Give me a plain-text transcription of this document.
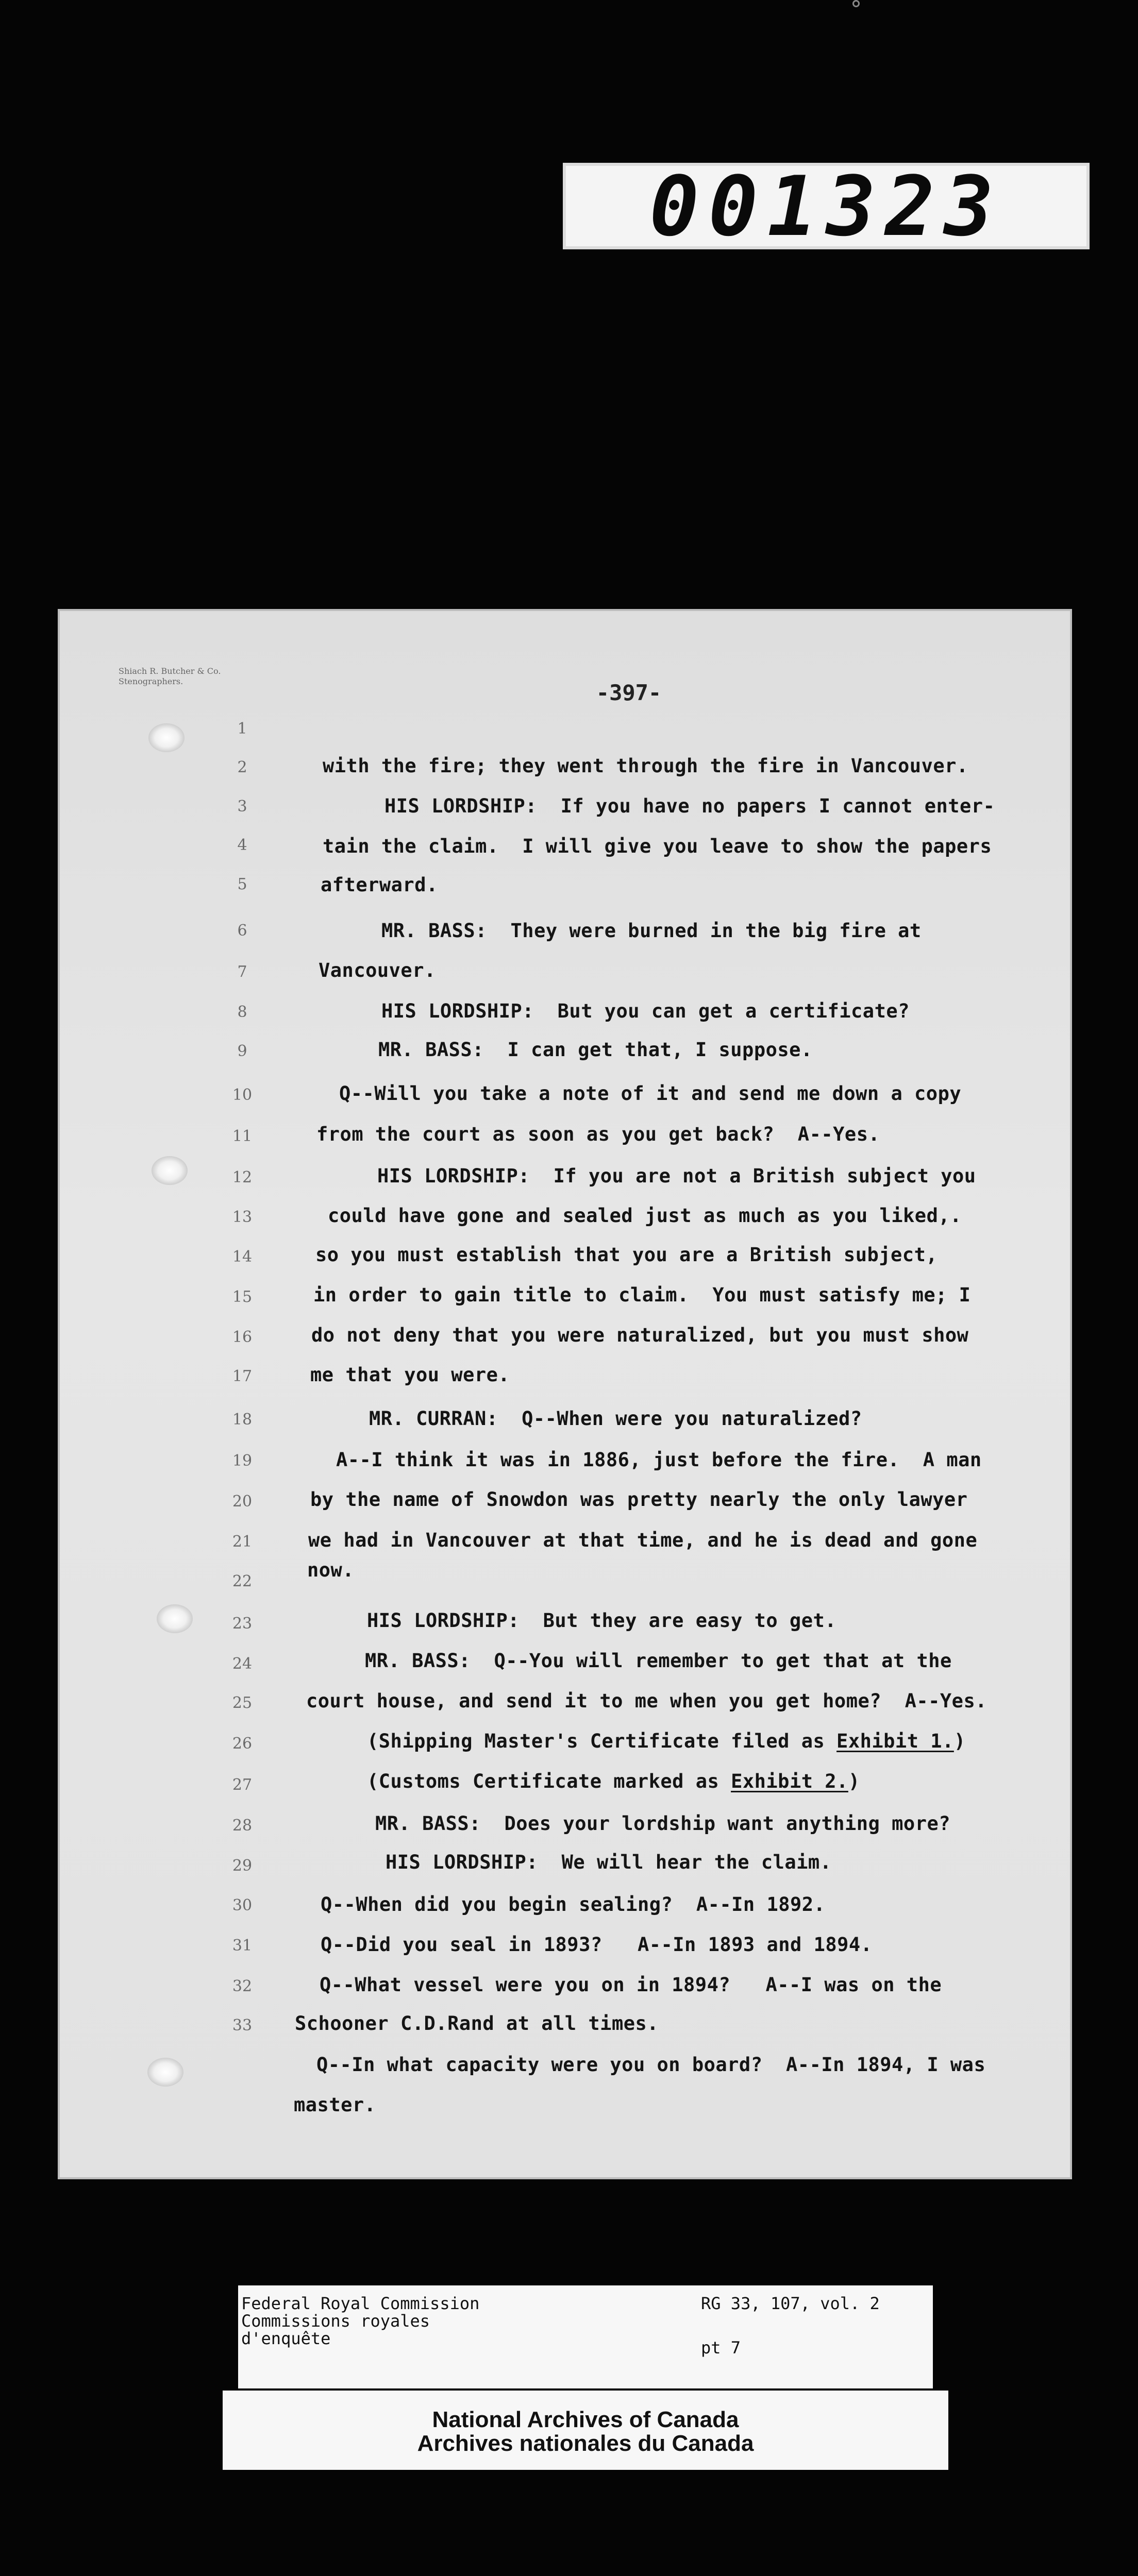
001323
Shiach R. Butcher & Co.
Stenographers.	-397-
1
2
3
4
5
6
7
8
9
10
11
12
13
14
15
16
17
18
19
20
21
22
23
24
25
26
27
28
29
30
31
32
33
with the fire; they went through the fire in Vancouver.
HIS LORDSHIP:  If you have no papers I cannot enter-
tain the claim.  I will give you leave to show the papers
afterward.
MR. BASS:  They were burned in the big fire at
Vancouver.
HIS LORDSHIP:  But you can get a certificate?
MR. BASS:  I can get that, I suppose.
Q--Will you take a note of it and send me down a copy
from the court as soon as you get back?  A--Yes.
HIS LORDSHIP:  If you are not a British subject you
could have gone and sealed just as much as you liked,.
so you must establish that you are a British subject,
in order to gain title to claim.  You must satisfy me; I
do not deny that you were naturalized, but you must show
me that you were.
MR. CURRAN:  Q--When were you naturalized?
A--I think it was in 1886, just before the fire.  A man
by the name of Snowdon was pretty nearly the only lawyer
we had in Vancouver at that time, and he is dead and gone
now.
HIS LORDSHIP:  But they are easy to get.
MR. BASS:  Q--You will remember to get that at the
court house, and send it to me when you get home?  A--Yes.
(Shipping Master's Certificate filed as Exhibit 1.)
(Customs Certificate marked as Exhibit 2.)
MR. BASS:  Does your lordship want anything more?
HIS LORDSHIP:  We will hear the claim.
Q--When did you begin sealing?  A--In 1892.
Q--Did you seal in 1893?   A--In 1893 and 1894.
Q--What vessel were you on in 1894?   A--I was on the
Schooner C.D.Rand at all times.
Q--In what capacity were you on board?  A--In 1894, I was
master.
Federal Royal Commission
Commissions royales
d'enquête
RG 33, 107, vol. 2
pt 7
National Archives of Canada
Archives nationales du Canada
